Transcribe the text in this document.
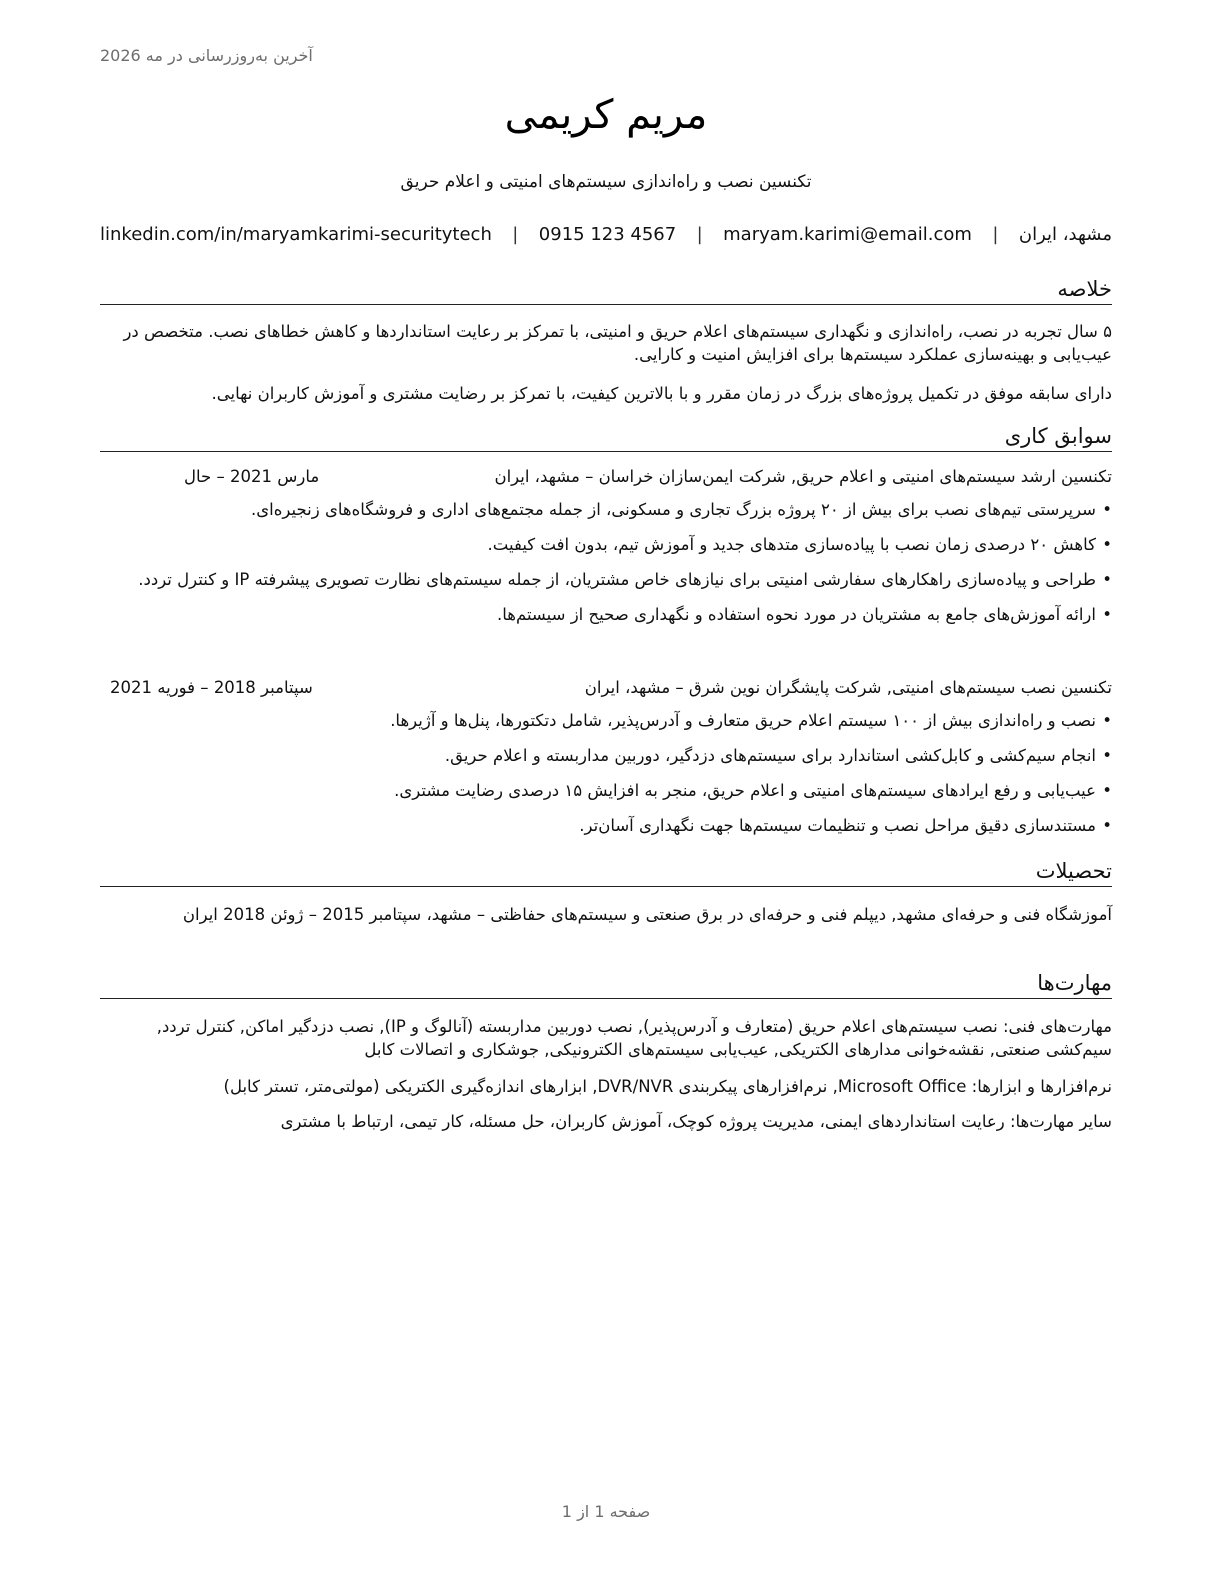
آخرین به‌روزرسانی در مه 2026
مریم کریمی
تکنسین نصب و راه‌اندازی سیستم‌های امنیتی و اعلام حریق
مشهد، ایران
|
maryam.karimi@email.com
|
0915 123 4567
|
linkedin.com/in/maryamkarimi-securitytech
خلاصه
۵ سال تجربه در نصب، راه‌اندازی و نگهداری سیستم‌های اعلام حریق و امنیتی، با تمرکز بر رعایت استانداردها و کاهش خطاهای نصب. متخصص در عیب‌یابی و بهینه‌سازی عملکرد سیستم‌ها برای افزایش امنیت و کارایی.
دارای سابقه موفق در تکمیل پروژه‌های بزرگ در زمان مقرر و با بالاترین کیفیت، با تمرکز بر رضایت مشتری و آموزش کاربران نهایی.
سوابق کاری
تکنسین ارشد سیستم‌های امنیتی و اعلام حریق, شرکت ایمن‌سازان خراسان – مشهد، ایران
مارس 2021 – حال
•
سرپرستی تیم‌های نصب برای بیش از ۲۰ پروژه بزرگ تجاری و مسکونی، از جمله مجتمع‌های اداری و فروشگاه‌های زنجیره‌ای.
•
کاهش ۲۰ درصدی زمان نصب با پیاده‌سازی متدهای جدید و آموزش تیم، بدون افت کیفیت.
•
طراحی و پیاده‌سازی راهکارهای سفارشی امنیتی برای نیازهای خاص مشتریان، از جمله سیستم‌های نظارت تصویری پیشرفته IP و کنترل تردد.
•
ارائه آموزش‌های جامع به مشتریان در مورد نحوه استفاده و نگهداری صحیح از سیستم‌ها.
تکنسین نصب سیستم‌های امنیتی, شرکت پایشگران نوین شرق – مشهد، ایران
سپتامبر 2018 – فوریه 2021
•
نصب و راه‌اندازی بیش از ۱۰۰ سیستم اعلام حریق متعارف و آدرس‌پذیر، شامل دتکتورها، پنل‌ها و آژیرها.
•
انجام سیم‌کشی و کابل‌کشی استاندارد برای سیستم‌های دزدگیر، دوربین مداربسته و اعلام حریق.
•
عیب‌یابی و رفع ایرادهای سیستم‌های امنیتی و اعلام حریق، منجر به افزایش ۱۵ درصدی رضایت مشتری.
•
مستندسازی دقیق مراحل نصب و تنظیمات سیستم‌ها جهت نگهداری آسان‌تر.
تحصیلات
آموزشگاه فنی و حرفه‌ای مشهد, دیپلم فنی و حرفه‌ای در برق صنعتی و سیستم‌های حفاظتی – مشهد، سپتامبر 2015 – ژوئن 2018 ایران
مهارت‌ها
مهارت‌های فنی: نصب سیستم‌های اعلام حریق (متعارف و آدرس‌پذیر), نصب دوربین مداربسته (آنالوگ و IP), نصب دزدگیر اماکن, کنترل تردد, سیم‌کشی صنعتی, نقشه‌خوانی مدارهای الکتریکی, عیب‌یابی سیستم‌های الکترونیکی, جوشکاری و اتصالات کابل
نرم‌افزارها و ابزارها: Microsoft Office, نرم‌افزارهای پیکربندی DVR/NVR, ابزارهای اندازه‌گیری الکتریکی (مولتی‌متر، تستر کابل)
سایر مهارت‌ها: رعایت استانداردهای ایمنی، مدیریت پروژه کوچک، آموزش کاربران، حل مسئله، کار تیمی، ارتباط با مشتری
صفحه 1 از 1
